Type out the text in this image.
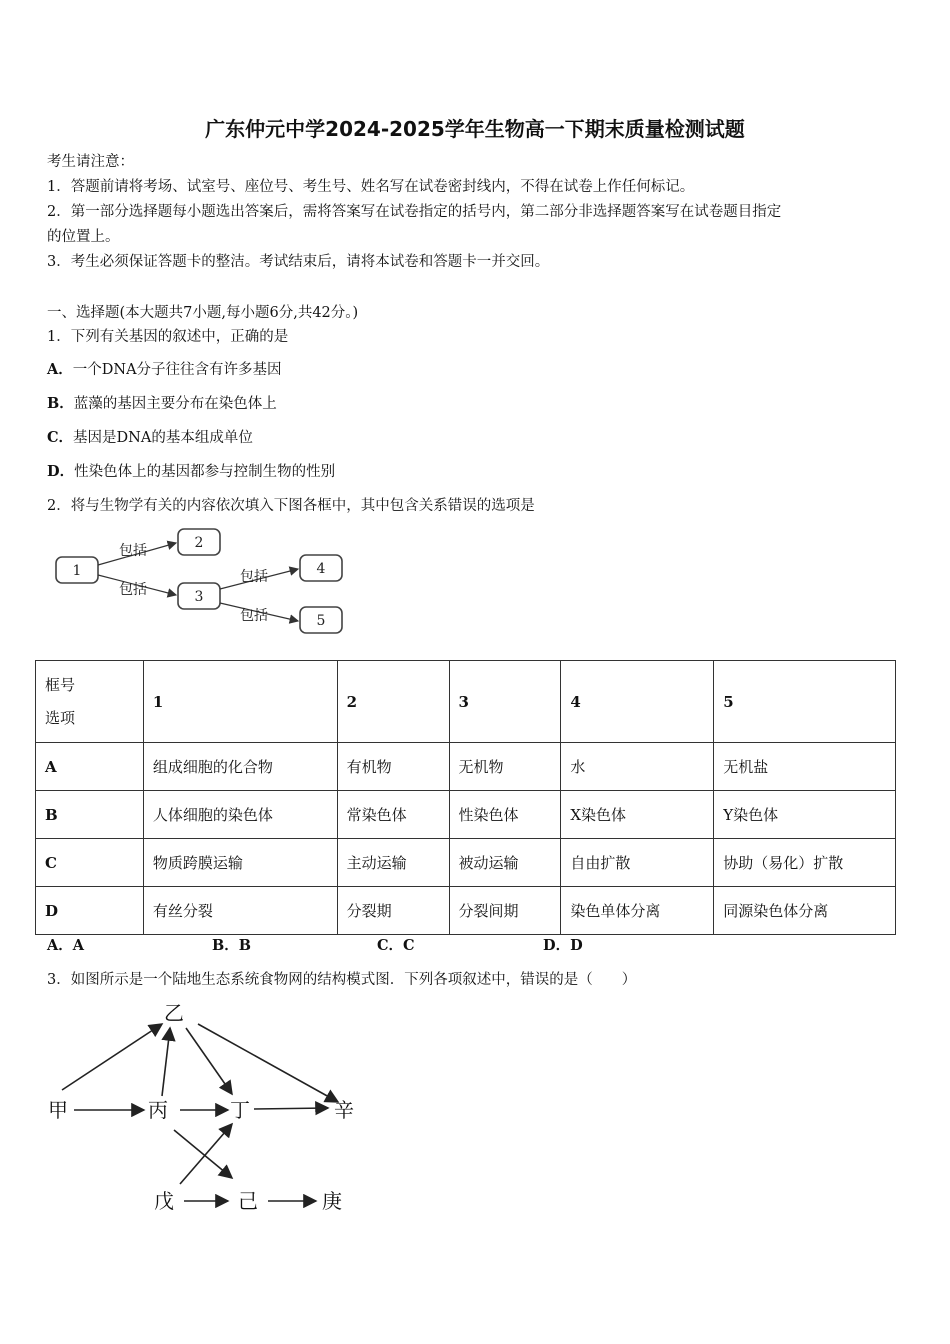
广东仲元中学2024-2025学年生物高一下期末质量检测试题
考生请注意：
1．答题前请将考场、试室号、座位号、考生号、姓名写在试卷密封线内，不得在试卷上作任何标记。
2．第一部分选择题每小题选出答案后，需将答案写在试卷指定的括号内，第二部分非选择题答案写在试卷题目指定
的位置上。
3．考生必须保证答题卡的整洁。考试结束后，请将本试卷和答题卡一并交回。
一、选择题(本大题共7小题,每小题6分,共42分。)
1．下列有关基因的叙述中，正确的是
A．一个DNA分子往往含有许多基因
B．蓝藻的基因主要分布在染色体上
C．基因是DNA的基本组成单位
D．性染色体上的基因都参与控制生物的性别
2．将与生物学有关的内容依次填入下图各框中，其中包含关系错误的选项是
1
2
3
4
5
包括
包括
包括
包括
框号
选项	1	2	3	4	5
A	组成细胞的化合物	有机物	无机物	水	无机盐
B	人体细胞的染色体	常染色体	性染色体	X染色体	Y染色体
C	物质跨膜运输	主动运输	被动运输	自由扩散	协助（易化）扩散
D	有丝分裂	分裂期	分裂间期	染色单体分离	同源染色体分离
A．A	B．B	C．C	D．D
3．如图所示是一个陆地生态系统食物网的结构模式图．下列各项叙述中，错误的是（　　）
乙
甲	丙	丁	辛
戊	己	庚
